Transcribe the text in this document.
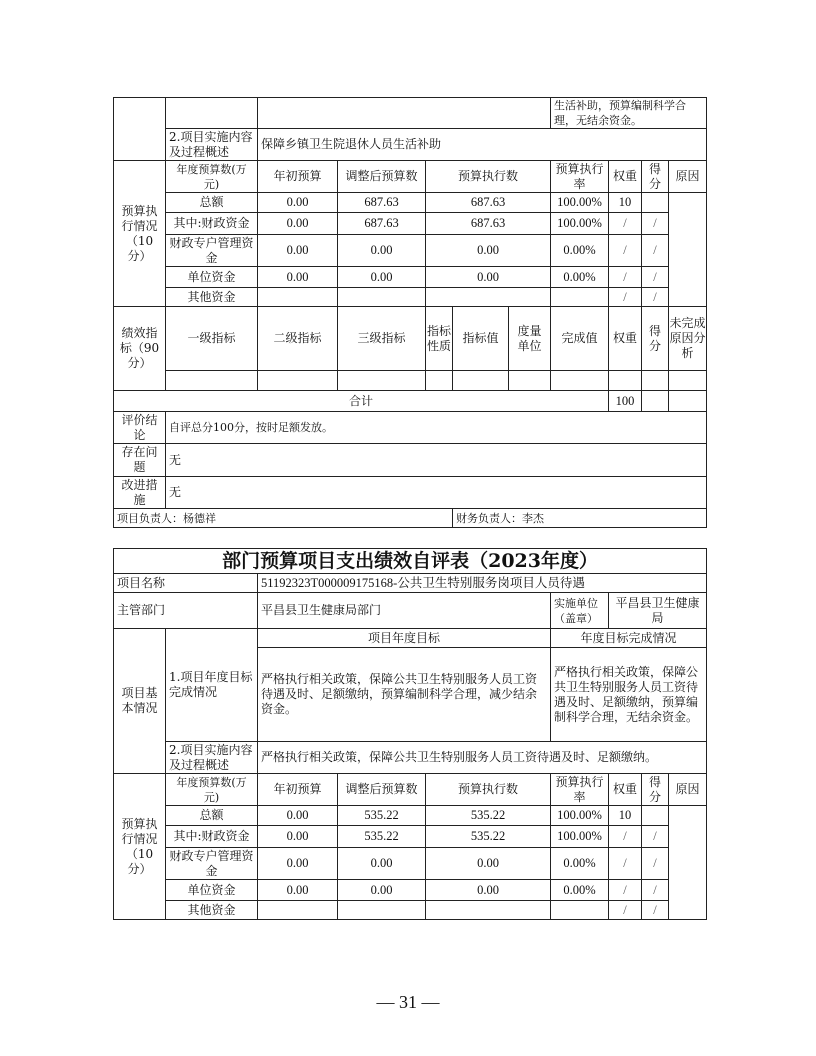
							生活补助，预算编制科学合理，无结余资金。			
	2.项目实施内容及过程概述	保障乡镇卫生院退休人员生活补助								
预算执行情况（10分）	年度预算数(万元)	年初预算	调整后预算数	预算执行数			预算执行率	权重	得分	原因
	总额	0.00	687.63	687.63			100.00%	10		
	其中:财政资金	0.00	687.63	687.63			100.00%	/	/	
	财政专户管理资金	0.00	0.00	0.00			0.00%	/	/	
	单位资金	0.00	0.00	0.00			0.00%	/	/	
	其他资金							/	/	
绩效指标（90分）	一级指标	二级指标	三级指标	指标性质	指标值	度量单位	完成值	权重	得分	未完成原因分析

合计								100		
评价结论	自评总分100分，按时足额发放。									
存在问题	无									
改进措施	无									
项目负责人：杨德祥					财务负责人：李杰					
部门预算项目支出绩效自评表（2023年度）								
项目名称		51192323T000009175168-公共卫生特别服务岗项目人员待遇						
主管部门		平昌县卫生健康局部门			实施单位（盖章）	平昌县卫生健康局		
项目基本情况	1.项目年度目标完成情况	项目年度目标			年度目标完成情况			
		严格执行相关政策，保障公共卫生特别服务人员工资待遇及时、足额缴纳，预算编制科学合理，减少结余资金。			严格执行相关政策，保障公共卫生特别服务人员工资待遇及时、足额缴纳，预算编制科学合理，无结余资金。			
	2.项目实施内容及过程概述	严格执行相关政策，保障公共卫生特别服务人员工资待遇及时、足额缴纳。						
预算执行情况（10分）	年度预算数(万元)	年初预算	调整后预算数	预算执行数	预算执行率	权重	得分	原因
	总额	0.00	535.22	535.22	100.00%	10		
	其中:财政资金	0.00	535.22	535.22	100.00%	/	/	
	财政专户管理资金	0.00	0.00	0.00	0.00%	/	/	
	单位资金	0.00	0.00	0.00	0.00%	/	/	
	其他资金					/	/	
— 31 —
